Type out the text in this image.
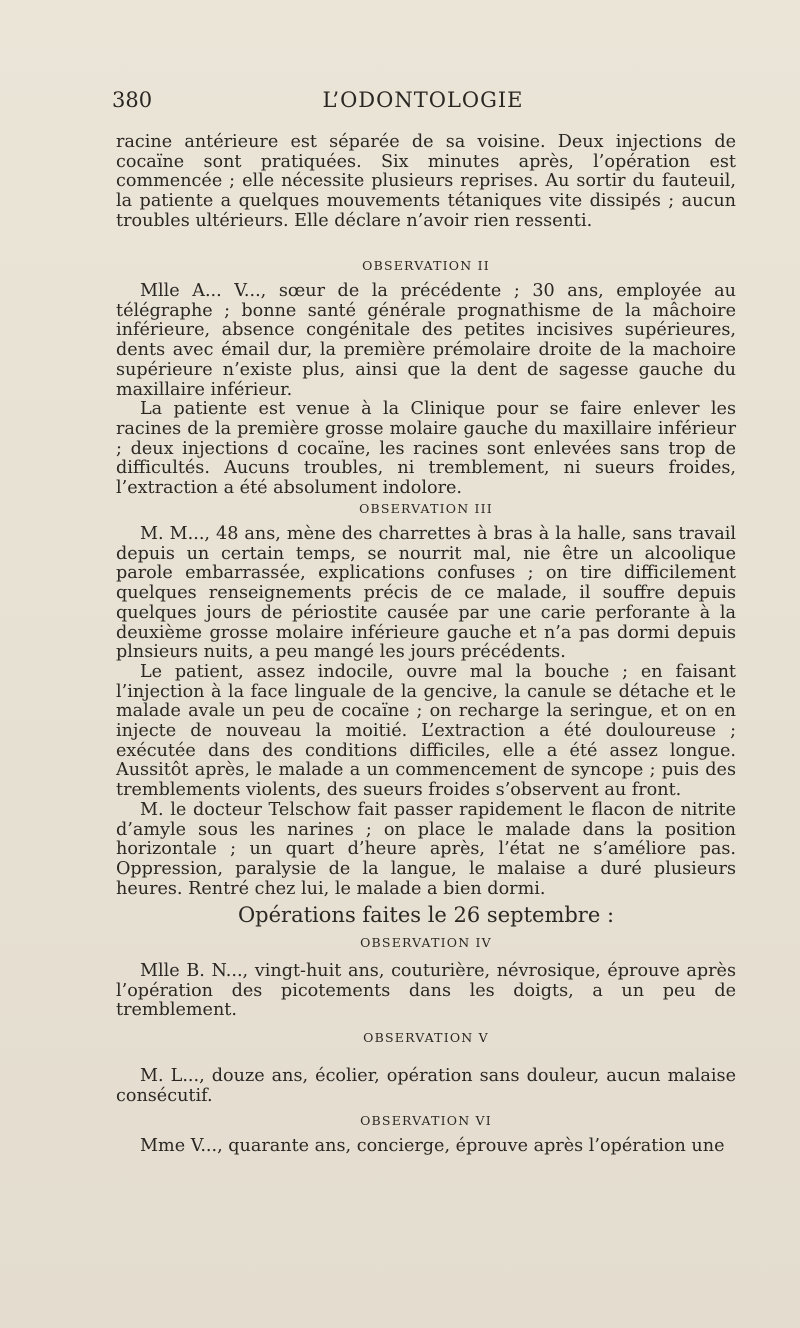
380	L’ODONTOLOGIE

racine antérieure est séparée de sa voisine. Deux injections de cocaïne sont pratiquées. Six minutes après, l’opération est commencée ; elle nécessite plusieurs reprises. Au sortir du fauteuil, la patiente a quelques mouvements tétaniques vite dissipés ; aucun troubles ultérieurs. Elle déclare n’avoir rien ressenti.

OBSERVATION II

Mlle A... V..., sœur de la précédente ; 30 ans, employée au télégraphe ; bonne santé générale prognathisme de la mâchoire inférieure, absence congénitale des petites incisives supérieures, dents avec émail dur, la première prémolaire droite de la machoire supérieure n’existe plus, ainsi que la dent de sagesse gauche du maxillaire inférieur.

La patiente est venue à la Clinique pour se faire enlever les racines de la première grosse molaire gauche du maxillaire inférieur ; deux injections d cocaïne, les racines sont enlevées sans trop de difficultés. Aucuns troubles, ni tremblement, ni sueurs froides, l’extraction a été absolument indolore.

OBSERVATION III

M. M..., 48 ans, mène des charrettes à bras à la halle, sans travail depuis un certain temps, se nourrit mal, nie être un alcoolique parole embarrassée, explications confuses ; on tire difficilement quelques renseignements précis de ce malade, il souffre depuis quelques jours de périostite causée par une carie perforante à la deuxième grosse molaire inférieure gauche et n’a pas dormi depuis plnsieurs nuits, a peu mangé les jours précédents.

Le patient, assez indocile, ouvre mal la bouche ; en faisant l’injection à la face linguale de la gencive, la canule se détache et le malade avale un peu de cocaïne ; on recharge la seringue, et on en injecte de nouveau la moitié. L’extraction a été douloureuse ; exécutée dans des conditions difficiles, elle a été assez longue. Aussitôt après, le malade a un commencement de syncope ; puis des tremblements violents, des sueurs froides s’observent au front.

M. le docteur Telschow fait passer rapidement le flacon de nitrite d’amyle sous les narines ; on place le malade dans la position horizontale ; un quart d’heure après, l’état ne s’améliore pas. Oppression, paralysie de la langue, le malaise a duré plusieurs heures. Rentré chez lui, le malade a bien dormi.

Opérations faites le 26 septembre :

OBSERVATION IV

Mlle B. N..., vingt-huit ans, couturière, névrosique, éprouve après l’opération des picotements dans les doigts, a un peu de tremblement.

OBSERVATION V

M. L..., douze ans, écolier, opération sans douleur, aucun malaise consécutif.

OBSERVATION VI

Mme V..., quarante ans, concierge, éprouve après l’opération une
